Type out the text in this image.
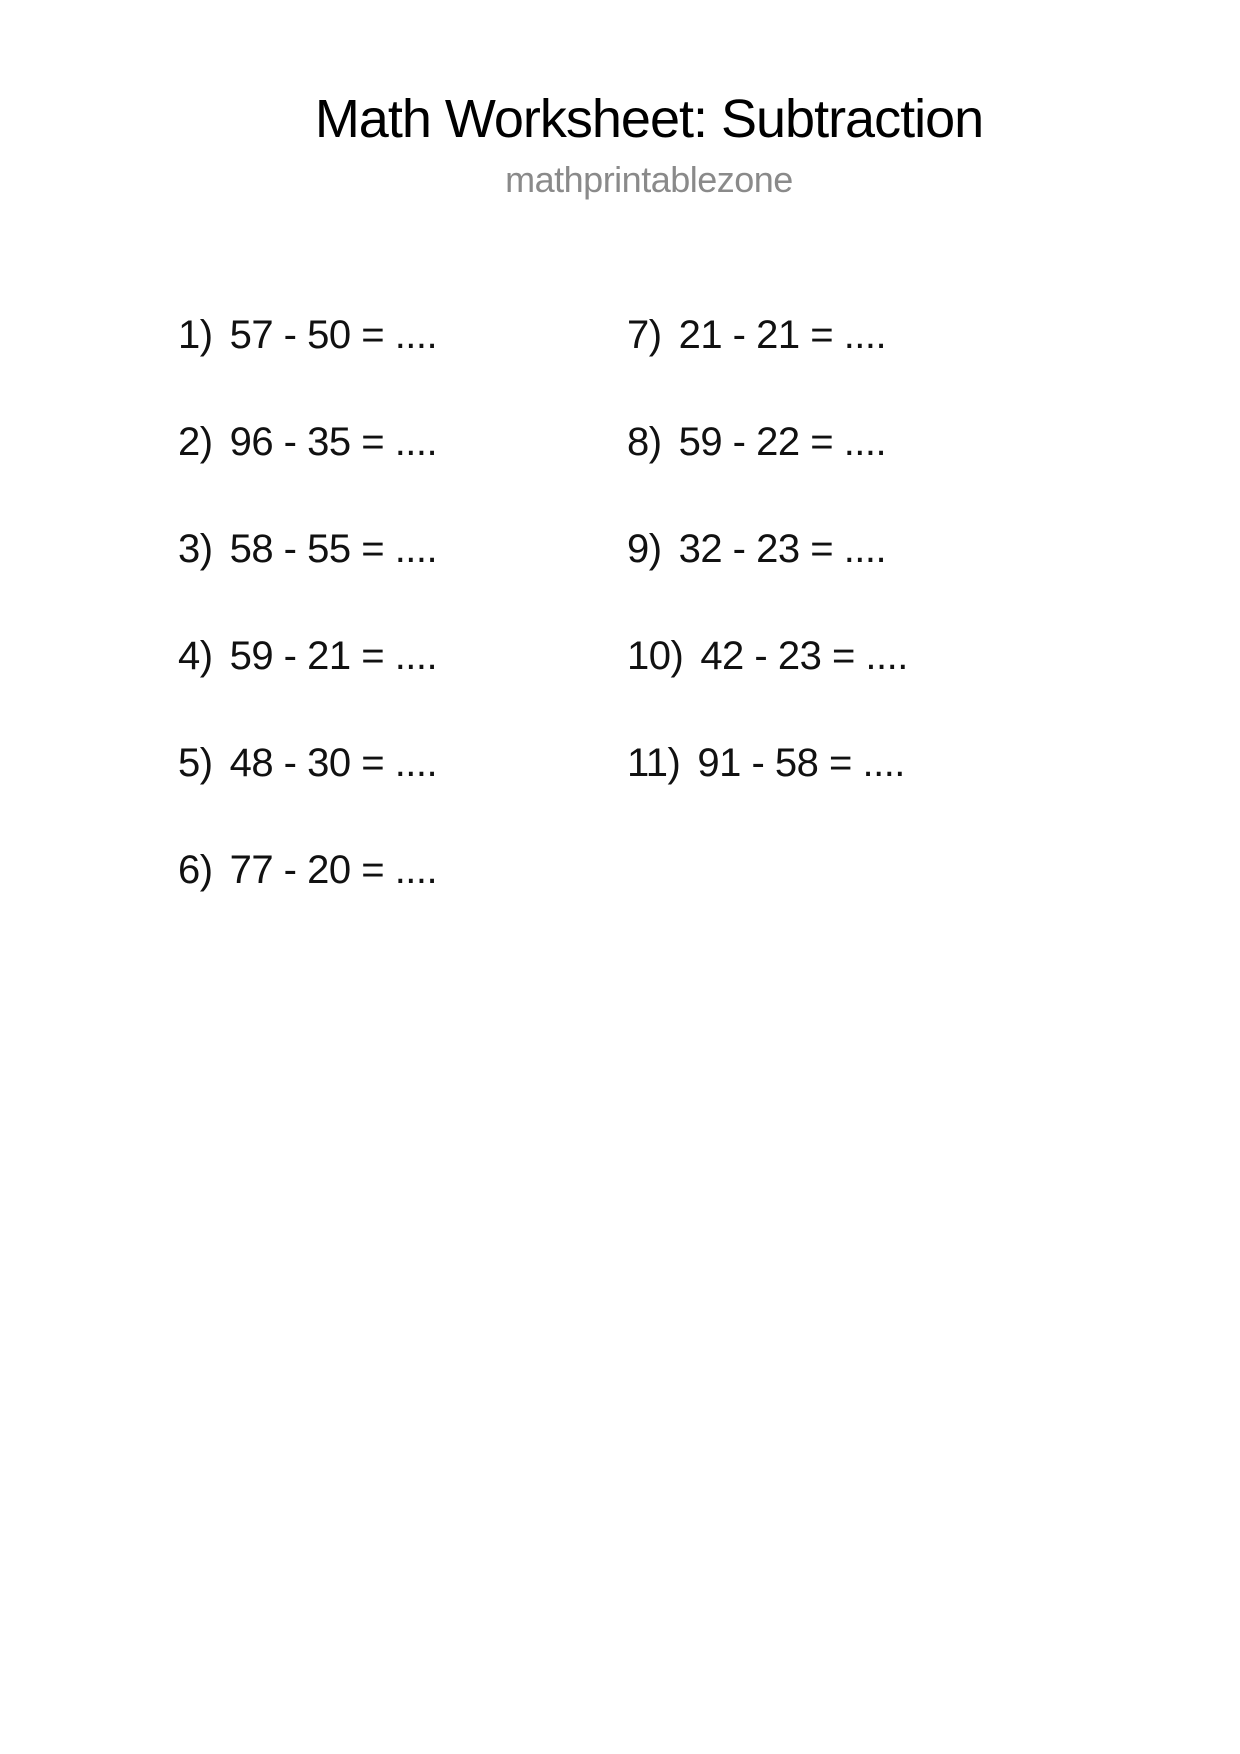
Math Worksheet: Subtraction
mathprintablezone
1) 57 - 50 = ....
2) 96 - 35 = ....
3) 58 - 55 = ....
4) 59 - 21 = ....
5) 48 - 30 = ....
6) 77 - 20 = ....
7) 21 - 21 = ....
8) 59 - 22 = ....
9) 32 - 23 = ....
10) 42 - 23 = ....
11) 91 - 58 = ....
